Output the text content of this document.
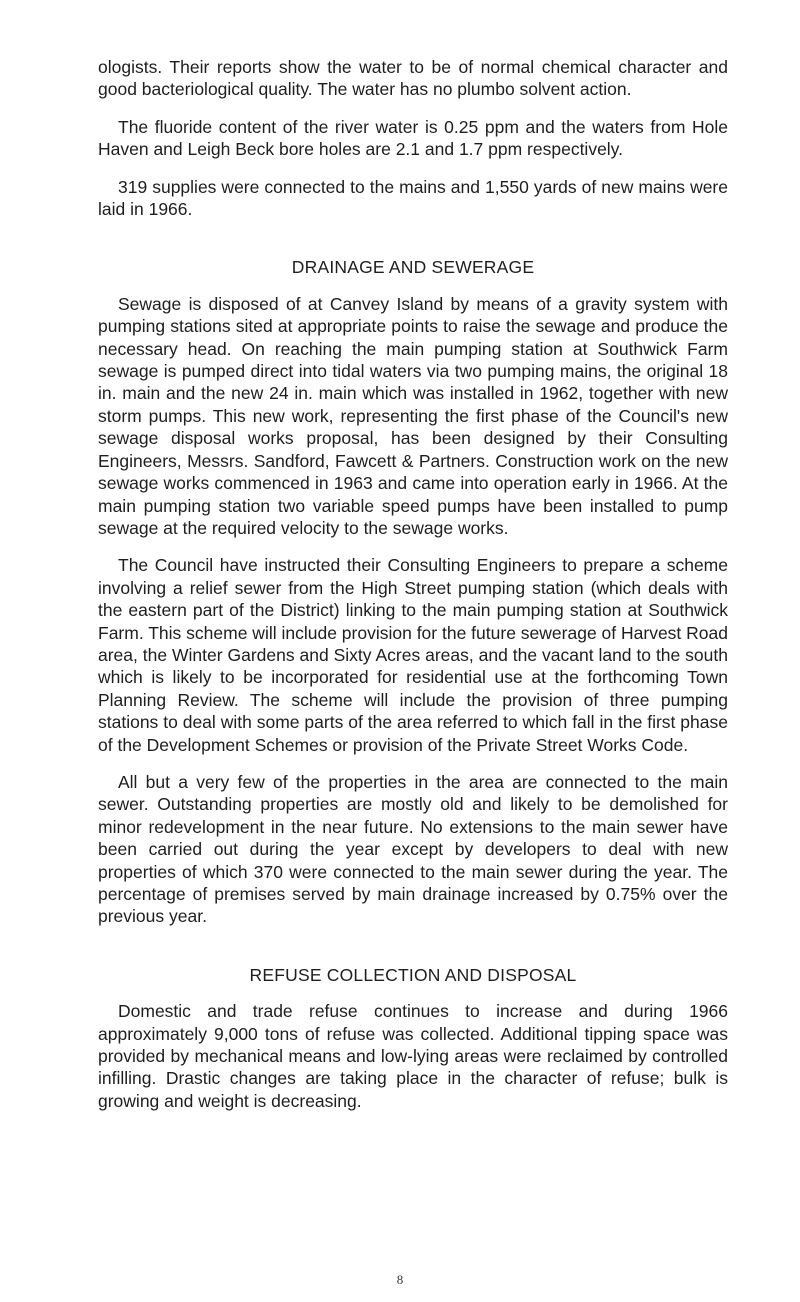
ologists. Their reports show the water to be of normal chemical character and good bacteriological quality. The water has no plumbo solvent action.

The fluoride content of the river water is 0.25 ppm and the waters from Hole Haven and Leigh Beck bore holes are 2.1 and 1.7 ppm respectively.

319 supplies were connected to the mains and 1,550 yards of new mains were laid in 1966.

DRAINAGE AND SEWERAGE

Sewage is disposed of at Canvey Island by means of a gravity system with pumping stations sited at appropriate points to raise the sewage and produce the necessary head. On reaching the main pumping station at Southwick Farm sewage is pumped direct into tidal waters via two pumping mains, the original 18 in. main and the new 24 in. main which was installed in 1962, together with new storm pumps. This new work, representing the first phase of the Council's new sewage disposal works proposal, has been designed by their Consulting Engineers, Messrs. Sandford, Fawcett & Partners. Construction work on the new sewage works commenced in 1963 and came into operation early in 1966. At the main pumping station two variable speed pumps have been installed to pump sewage at the required velocity to the sewage works.

The Council have instructed their Consulting Engineers to prepare a scheme involving a relief sewer from the High Street pumping station (which deals with the eastern part of the District) linking to the main pumping station at Southwick Farm. This scheme will include provision for the future sewerage of Harvest Road area, the Winter Gardens and Sixty Acres areas, and the vacant land to the south which is likely to be incorporated for residential use at the forthcoming Town Planning Review. The scheme will include the provision of three pumping stations to deal with some parts of the area referred to which fall in the first phase of the Development Schemes or provision of the Private Street Works Code.

All but a very few of the properties in the area are connected to the main sewer. Outstanding properties are mostly old and likely to be demolished for minor redevelopment in the near future. No extensions to the main sewer have been carried out during the year except by developers to deal with new properties of which 370 were connected to the main sewer during the year. The percentage of premises served by main drainage increased by 0.75% over the previous year.

REFUSE COLLECTION AND DISPOSAL

Domestic and trade refuse continues to increase and during 1966 approximately 9,000 tons of refuse was collected. Additional tipping space was provided by mechanical means and low-lying areas were reclaimed by controlled infilling. Drastic changes are taking place in the character of refuse; bulk is growing and weight is decreasing.

8
